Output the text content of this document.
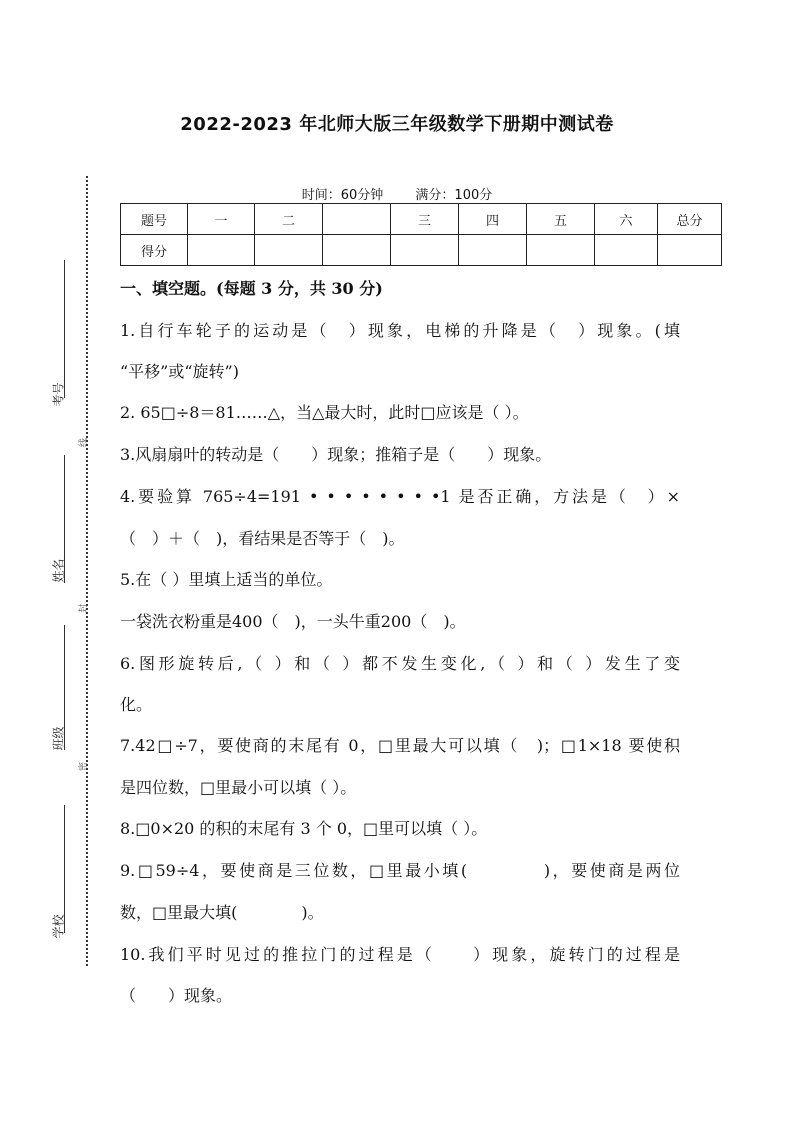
2022-2023 年北师大版三年级数学下册期中测试卷
时间：60分钟 满分：100分
题号	一	二		三	四	五	六	总分
得分								
考号
姓名
班级
学校
线
封
密
一、填空题。(每题 3 分，共 30 分)
1.自行车轮子的运动是（　）现象，电梯的升降是（　）现象。(填
“平移”或“旋转”)
2. 65□÷8＝81……△，当△最大时，此时□应该是（ ）。
3.风扇扇叶的转动是（　　）现象；推箱子是（　　）现象。
4.要验算 765÷4=191 • • • • • • • •1 是否正确，方法是（　）×
（　）＋（　)，看结果是否等于（　)。
5.在（ ）里填上适当的单位。
一袋洗衣粉重是400（　)，一头牛重200（　)。
6.图形旋转后,（ ）和（ ）都不发生变化,（ ）和（ ）发生了变
化。
7.42□÷7，要使商的末尾有 0，□里最大可以填（　)；□1×18 要使积
是四位数，□里最小可以填（ ）。
8.□0×20 的积的末尾有 3 个 0，□里可以填（ ）。
9.□59÷4，要使商是三位数，□里最小填(　　　　)，要使商是两位
数，□里最大填(　　　　)。
10.我们平时见过的推拉门的过程是（　　）现象，旋转门的过程是
（　　）现象。
